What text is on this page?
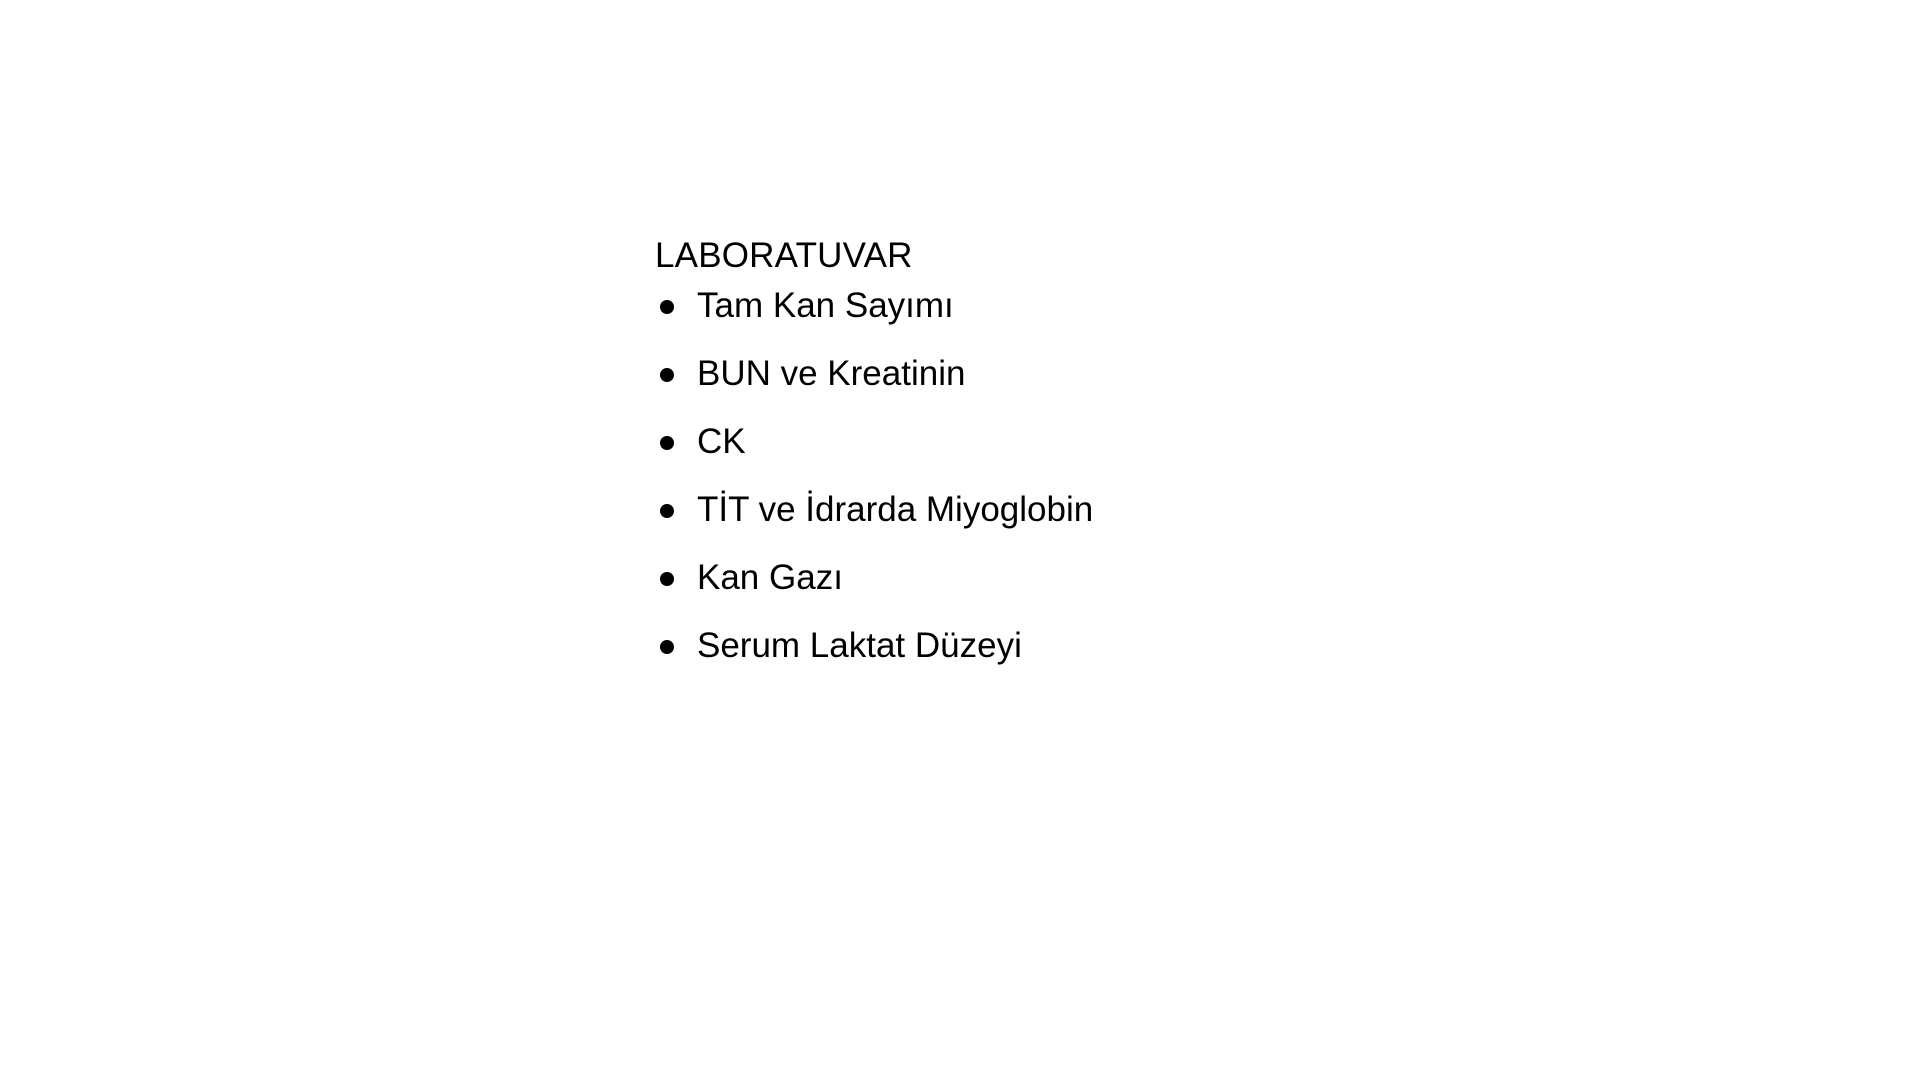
LABORATUVAR
Tam Kan Sayımı
BUN ve Kreatinin
CK
TİT ve İdrarda Miyoglobin
Kan Gazı
Serum Laktat Düzeyi
